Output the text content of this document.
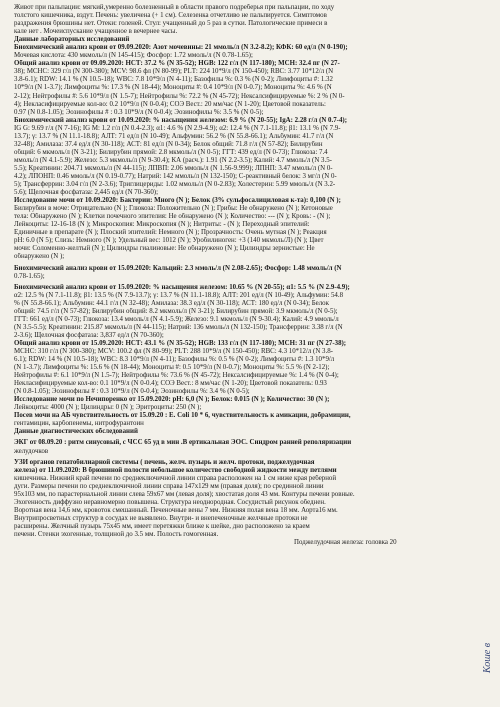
Живот при пальпации: мягкий,умеренно болезненный в области правого подреберья при пальпации, по ходу
толстого кишечника, вздут. Печень: увеличена (+ 1 см). Селезенка отчетливо не пальпируется. Симптомов
раздражения брюшины нет. Отеки: голеней. Стул: учащенный до 5 раз в сутки. Патологические примеси в
кале нет . Мочеиспускание учащенное в вечернее часы.
Данные лабораторных исследований
Биохимический анализ крови от 09.09.2020: Азот мочевины: 21 ммоль/л (N 3.2-8.2); КФК: 60 ед/л (N 0-190);
Мочевая кислота: 430 мкмоль/л (N 145-415); Фосфор: 1.72 ммоль/л (N 0.78-1.65);
Общий анализ крови от 09.09.2020: НСТ: 37.2 % (N 35-52); НGВ: 122 г/л (N 117-180); МСН: 32.4 пг (N 27-
38); МСНС: 329 г/л (N 300-380); МСV: 98.6 фл (N 80-99); PLТ: 224 10*9/л (N 150-450); RВС: 3.77 10*12/л (N
3.8-6.1); RDW: 14.1 % (N 10.5-18); WBС: 7.8 10*9/л (N 4-11); Базофилы %: 0.3 % (N 0-2); Лимфоциты #: 1.32
10*9/л (N 1-3.7); Лимфоциты %: 17.3 % (N 18-44); Моноциты #: 0.4 10*9/л (N 0-0.7); Моноциты %: 4.6 % (N
2-12); Нейтрофилы #: 5.6 10*9/л (N 1.5-7); Нейтрофилы %: 72.2 % (N 45-72); Нексалсифицируемые %: 2 % (N 0-
4); Некласифицируемые кол-во: 0.2 10*9/л (N 0-0.4); СОЭ Вест.: 20 мм/час (N 1-20); Цветовой показатель:
0.97 (N 0.8-1.05); Эозинофилы # : 0.3 10*9/л (N 0-0.4); Эозинофилы %: 3.5 % (N 0-5);
Биохимический анализ крови от 10.09.2020: % насыщения железом: 6.9 % (N 20-55); IgA: 2.28 г/л (N 0.7-4);
IG G: 9.69 г/л (N 7-16); IG M: 1.2 г/л (N 0.4-2.3); α1: 4.6 % (N 2.9-4.9); α2: 12.4 % (N 7.1-11.8); β1: 13.1 % (N 7.9-
13.7); γ: 13.7 % (N 11.1-18.8); АЛТ: 71 ед/л (N 10-49); Альфумин: 56.2 % (N 55.8-66.1); Альбумин: 41.7 г/л (N
32-48); Амилаза: 37.4 ед/л (N 30-118); АСТ: 81 ед/л (N 0-34); Белок общий: 71.8 г/л (N 57-82); Билирубин
общий: 6 мкмоль/л (N 3-21); Билирубин прямой: 2.8 мкмоль/л (N 0-5); ГГТ: 439 ед/л (N 0-73); Глюкоза: 7.4
ммоль/л (N 4.1-5.9); Железо: 5.3 мкмоль/л (N 9-30.4); КА (расч.): 1.91 (N 2.2-3.5); Калий: 4.7 ммоль/л (N 3.5-
5.5); Креатинин: 204.71 мкмоль/л (N 44-115); ЛПВП: 2.06 ммоль/л (N 1.56-9.999); ЛПНП: 3.47 ммоль/л (N 0-
4.2); ЛПОНП: 0.46 ммоль/л (N 0.19-0.77); Натрий: 142 ммоль/л (N 132-150); С-реактивный белок: 3 мг/л (N 0-
5); Трансферрин: 3.04 г/л (N 2-3.6); Триглицериды: 1.02 ммоль/л (N 0-2.83); Холестерин: 5.99 ммоль/л (N 3.2-
5.6); Щелочная фосфатаза: 2,445 ед/л (N 70-360);
Исследование мочи от 10.09.2020: Бактерии: Много (N ); Белок (3% сульфосалициловая к-та): 0,100 (N );
Билирубин в моче: Отрицательно (N ); Глюкоза: Положительно (N ); Грибы: Не обнаружено (N ); Кетоновые
тела: Обнаружено (N ); Клетки почечного эпителия: Не обнаружено (N ); Количество: --- (N ); Кровь: - (N );
Лейкоциты: 12-16-18 (N ); Микроскопия: Микроскопия (N ); Нитриты: - (N ); Переходный эпителий:
Единичные в препарате (N ); Плоский эпителий: Немного (N ); Прозрачность: Очень мутная (N ); Реакция
pH: 6.0 (N 5); Слизь: Немного (N ); Удельный вес: 1012 (N ); Уробилиноген: +3 (140 мкмоль/Л) (N ); Цвет
мочи: Соломенно-желтый (N ); Цилиндры гиалиновые: Не обнаружено (N ); Цилиндры зернистые: Не
обнаружено (N );
Биохимический анализ крови от 15.09.2020: Кальций: 2.3 ммоль/л (N 2.08-2.65); Фосфор: 1.48 ммоль/л (N
0.78-1.65);
Биохимический анализ крови от 15.09.2020: % насыщения железом: 10.65 % (N 20-55); α1: 5.5 % (N 2.9-4.9);
α2: 12.5 % (N 7.1-11.8); β1: 13.5 % (N 7.9-13.7); γ: 13.7 % (N 11.1-18.8); АЛТ: 201 ед/л (N 10-49); Альфумин: 54.8
% (N 55.8-66.1); Альбумин: 44.1 г/л (N 32-48); Амилаза: 38.3 ед/л (N 30-118); АСТ: 180 ед/л (N 0-34); Белок
общий: 74.5 г/л (N 57-82); Билирубин общий: 8.2 мкмоль/л (N 3-21); Билирубин прямой: 3.9 мкмоль/л (N 0-5);
ГГТ: 661 ед/л (N 0-73); Глюкоза: 13.4 ммоль/л (N 4.1-5.9); Железо: 9.1 мкмоль/л (N 9-30.4); Калий: 4.9 ммоль/л
(N 3.5-5.5); Креатинин: 215.87 мкмоль/л (N 44-115); Натрий: 136 ммоль/л (N 132-150); Трансферрин: 3.38 г/л (N
2-3.6); Щелочная фосфатаза: 3,837 ед/л (N 70-360);
Общий анализ крови от 15.09.2020: НСТ: 43.1 % (N 35-52); НGВ: 133 г/л (N 117-180); МСН: 31 пг (N 27-38);
МСНС: 310 г/л (N 300-380); МСV: 100.2 фл (N 80-99); PLТ: 288 10*9/л (N 150-450); RВС: 4.3 10*12/л (N 3.8-
6.1); RDW: 14 % (N 10.5-18); WBС: 8.3 10*9/л (N 4-11); Базофилы %: 0.5 % (N 0-2); Лимфоциты #: 1.3 10*9/л
(N 1-3.7); Лимфоциты %: 15.6 % (N 18-44); Моноциты #: 0.5 10*9/л (N 0-0.7); Моноциты %: 5.5 % (N 2-12);
Нейтрофилы #: 6.1 10*9/л (N 1.5-7); Нейтрофилы %: 73.6 % (N 45-72); Нексалсифицируемые %: 1.4 % (N 0-4);
Некласифицируемые кол-во: 0.1 10*9/л (N 0-0.4); СОЭ Вест.: 8 мм/час (N 1-20); Цветовой показатель: 0.93
(N 0.8-1.05); Эозинофилы # : 0.3 10*9/л (N 0-0.4); Эозинофилы %: 3.4 % (N 0-5);
Исследование мочи по Нечипоренко от 15.09.2020: pH: 6,0 (N ); Белок: 0.015 (N ); Количество: 30 (N );
Лейкоциты: 4000 (N ); Цилиндры: 0 (N ); Эритроциты: 250 (N );
Посев мочи на АБ чувствительность от 15.09.20 : E. Coli 10 * 6, чувствительность к амикацин, добрамицин,
гентамицин, карбопенемы, нитрофурантоин
Данные диагностических обследований
ЭКГ от 08.09.20 : ритм синусовый, с ЧСС 65 уд в мин .В ертикальная ЭОС. Синдром ранней реполяризации
желудочков
УЗИ органов гепатобилиарной системы ( печень, желч. пузырь и желч. протоки, поджелудочная
железа) от 11.09.2020: В брюшиной полости небольшое количество свободной жидкости между петлями
кишечника. Нижний край печени по среднеключичной линии справа расположен на 1 см ниже края реберной
дуги. Размеры печени по среднеключичной линии справа 147х129 мм (правая доля); по срединной линии
95х103 мм, по парастернальной линии слева 59х67 мм (левая доля); хвостатая доля 43 мм. Контуры печени ровные.
Эхогенность диффузно неравномерно повышена. Структура неоднородная. Сосудистый рисунок обеднен.
Воротная вена 14,6 мм, кровоток смешанный. Печеночные вены 7 мм. Нижняя полая вена 18 мм. Аорта16 мм.
Внутрипросветных структур в сосудах не выявлено. Внутри- и внепеченочные желчные протоки не
расширены. Желчный пузырь 75х45 мм, имеет перетяжки ближе к шейке, дно расположено за краем
печени. Стенки эхогенные, толщиной до 3.5 мм. Полость гомогенная.
Поджелудочная железа: головка 20
Коше в
